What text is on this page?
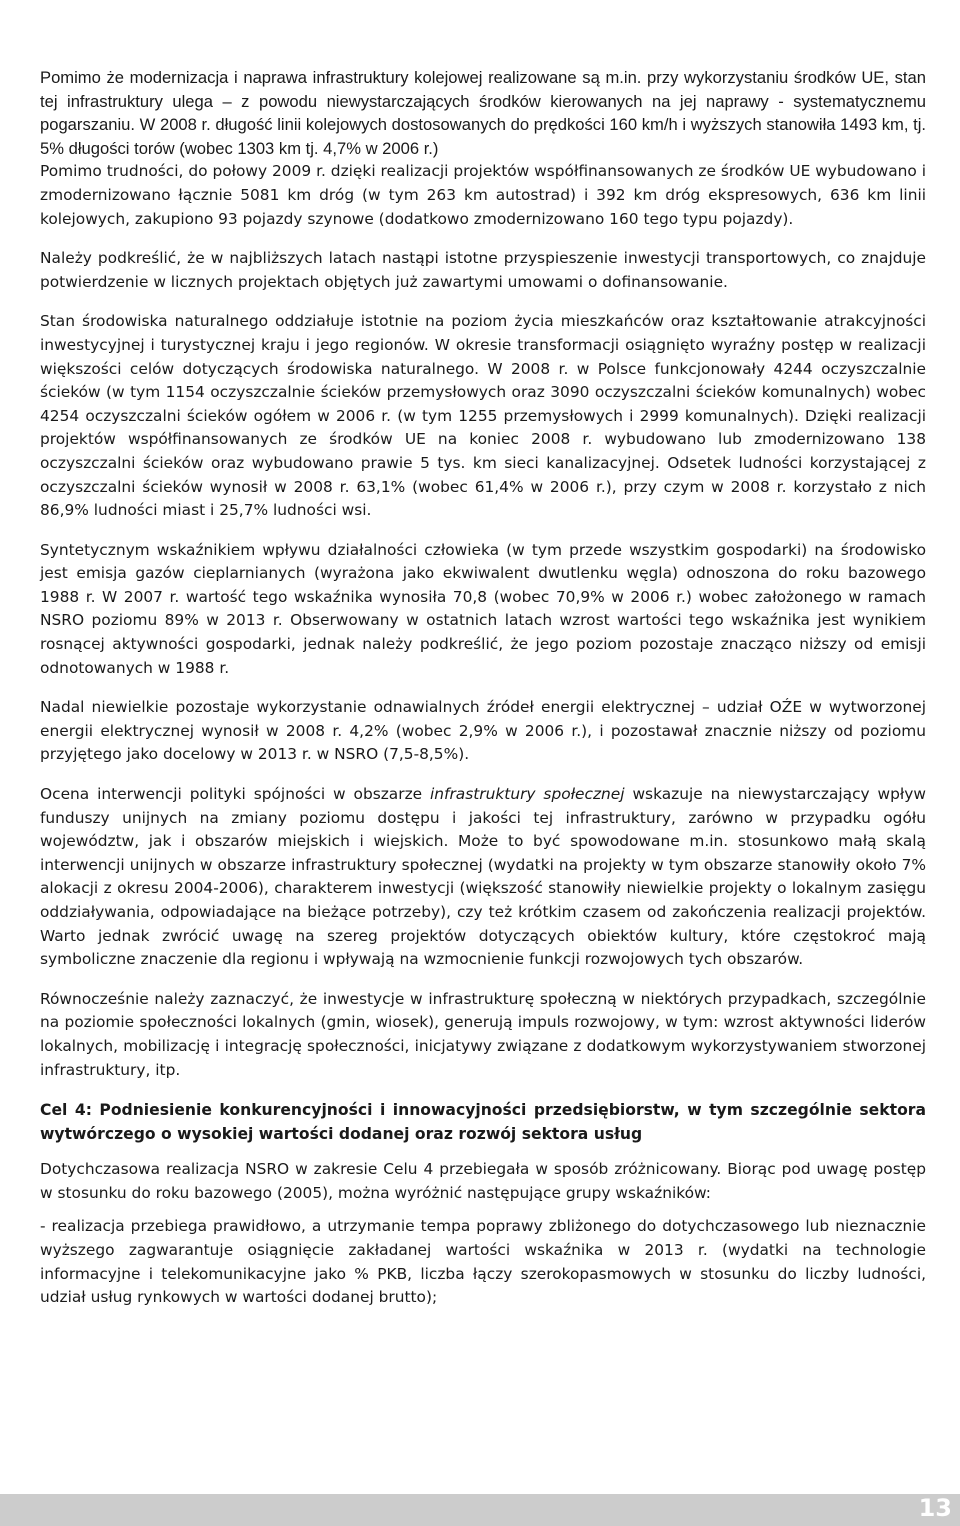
Pomimo że modernizacja i naprawa infrastruktury kolejowej realizowane są m.in. przy wykorzystaniu środków UE, stan tej infrastruktury ulega – z powodu niewystarczających środków kierowanych na jej naprawy - systematycznemu pogarszaniu. W 2008 r. długość linii kolejowych dostosowanych do prędkości 160 km/h i wyższych stanowiła 1493 km, tj. 5% długości torów (wobec 1303 km tj. 4,7% w 2006 r.)

Pomimo trudności, do połowy 2009 r. dzięki realizacji projektów współfinansowanych ze środków UE wybudowano i zmodernizowano łącznie 5081 km dróg (w tym 263 km autostrad) i 392 km dróg ekspresowych, 636 km linii kolejowych, zakupiono 93 pojazdy szynowe (dodatkowo zmodernizowano 160 tego typu pojazdy).

Należy podkreślić, że w najbliższych latach nastąpi istotne przyspieszenie inwestycji transportowych, co znajduje potwierdzenie w licznych projektach objętych już zawartymi umowami o dofinansowanie.

Stan środowiska naturalnego oddziałuje istotnie na poziom życia mieszkańców oraz kształtowanie atrakcyjności inwestycyjnej i turystycznej kraju i jego regionów. W okresie transformacji osiągnięto wyraźny postęp w realizacji większości celów dotyczących środowiska naturalnego. W 2008 r. w Polsce funkcjonowały 4244 oczyszczalnie ścieków (w tym 1154 oczyszczalnie ścieków przemysłowych oraz 3090 oczyszczalni ścieków komunalnych) wobec 4254 oczyszczalni ścieków ogółem w 2006 r. (w tym 1255 przemysłowych i 2999 komunalnych). Dzięki realizacji projektów współfinansowanych ze środków UE na koniec 2008 r. wybudowano lub zmodernizowano 138 oczyszczalni ścieków oraz wybudowano prawie 5 tys. km sieci kanalizacyjnej. Odsetek ludności korzystającej z oczyszczalni ścieków wynosił w 2008 r. 63,1% (wobec 61,4% w 2006 r.), przy czym w 2008 r. korzystało z nich 86,9% ludności miast i 25,7% ludności wsi.

Syntetycznym wskaźnikiem wpływu działalności człowieka (w tym przede wszystkim gospodarki) na środowisko jest emisja gazów cieplarnianych (wyrażona jako ekwiwalent dwutlenku węgla) odnoszona do roku bazowego 1988 r. W 2007 r. wartość tego wskaźnika wynosiła 70,8 (wobec 70,9% w 2006 r.) wobec założonego w ramach NSRO poziomu 89% w 2013 r. Obserwowany w ostatnich latach wzrost wartości tego wskaźnika jest wynikiem rosnącej aktywności gospodarki, jednak należy podkreślić, że jego poziom pozostaje znacząco niższy od emisji odnotowanych w 1988 r.

Nadal niewielkie pozostaje wykorzystanie odnawialnych źródeł energii elektrycznej – udział OŹE w wytworzonej energii elektrycznej wynosił w 2008 r. 4,2% (wobec 2,9% w 2006 r.), i pozostawał znacznie niższy od poziomu przyjętego jako docelowy w 2013 r. w NSRO (7,5-8,5%).

Ocena interwencji polityki spójności w obszarze infrastruktury społecznej wskazuje na niewystarczający wpływ funduszy unijnych na zmiany poziomu dostępu i jakości tej infrastruktury, zarówno w przypadku ogółu województw, jak i obszarów miejskich i wiejskich. Może to być spowodowane m.in. stosunkowo małą skalą interwencji unijnych w obszarze infrastruktury społecznej (wydatki na projekty w tym obszarze stanowiły około 7% alokacji z okresu 2004-2006), charakterem inwestycji (większość stanowiły niewielkie projekty o lokalnym zasięgu oddziaływania, odpowiadające na bieżące potrzeby), czy też krótkim czasem od zakończenia realizacji projektów. Warto jednak zwrócić uwagę na szereg projektów dotyczących obiektów kultury, które częstokroć mają symboliczne znaczenie dla regionu i wpływają na wzmocnienie funkcji rozwojowych tych obszarów.

Równocześnie należy zaznaczyć, że inwestycje w infrastrukturę społeczną w niektórych przypadkach, szczególnie na poziomie społeczności lokalnych (gmin, wiosek), generują impuls rozwojowy, w tym: wzrost aktywności liderów lokalnych, mobilizację i integrację społeczności, inicjatywy związane z dodatkowym wykorzystywaniem stworzonej infrastruktury, itp.

Cel 4: Podniesienie konkurencyjności i innowacyjności przedsiębiorstw, w tym szczególnie sektora wytwórczego o wysokiej wartości dodanej oraz rozwój sektora usług

Dotychczasowa realizacja NSRO w zakresie Celu 4 przebiegała w sposób zróżnicowany. Biorąc pod uwagę postęp w stosunku do roku bazowego (2005), można wyróżnić następujące grupy wskaźników:

- realizacja przebiega prawidłowo, a utrzymanie tempa poprawy zbliżonego do dotychczasowego lub nieznacznie wyższego zagwarantuje osiągnięcie zakładanej wartości wskaźnika w 2013 r. (wydatki na technologie informacyjne i telekomunikacyjne jako % PKB, liczba łączy szerokopasmowych w stosunku do liczby ludności, udział usług rynkowych w wartości dodanej brutto);

13
